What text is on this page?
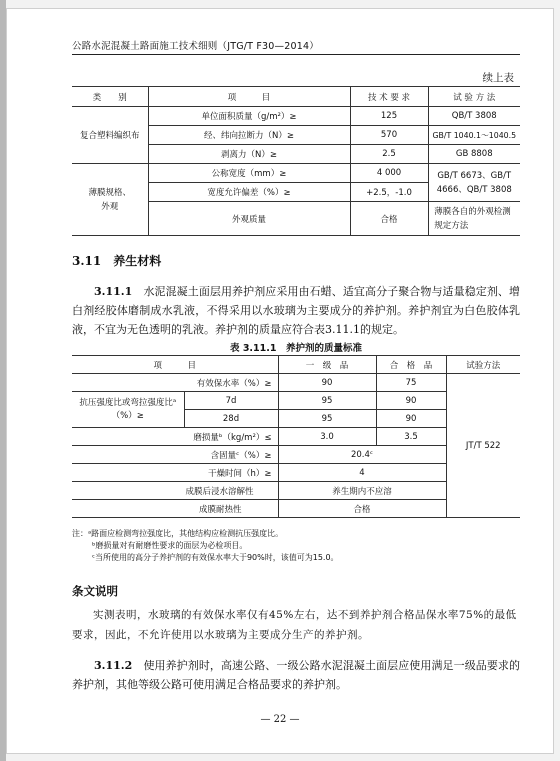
公路水泥混凝土路面施工技术细则（JTG/T F30—2014）
续上表
类　　别	项　　　目	技 术 要 求	试 验 方 法
复合塑料编织布	单位面积质量（g/m²）≥	125	QB/T 3808
	经、纬向拉断力（N）≥	570	GB/T 1040.1～1040.5
	剥离力（N）≥	2.5	GB 8808
薄膜规格、外观	公称宽度（mm）≥	4 000	GB/T 6673、GB/T 4666、QB/T 3808
	宽度允许偏差（%）≥	+2.5，-1.0	
	外观质量	合格	薄膜各自的外观检测规定方法
3.11 养生材料
3.11.1　 水泥混凝土面层用养护剂应采用由石蜡、适宜高分子聚合物与适量稳定剂、增白剂经胶体磨制成水乳液，不得采用以水玻璃为主要成分的养护剂。养护剂宜为白色胶体乳液，不宜为无色透明的乳液。养护剂的质量应符合表3.11.1的规定。
表 3.11.1　养护剂的质量标准
项　　　目		一　级　品	合　格　品	试验方法
有效保水率（%）≥		90	75	JT/T 522
抗压强度比或弯拉强度比ᵃ（%）≥	7d	95	90	
	28d	95	90	
磨损量ᵇ（kg/m²）≤		3.0	3.5	
含固量ᶜ（%）≥		20.4ᶜ		
干燥时间（h）≥		4		
成膜后浸水溶解性		养生期内不应溶		
成膜耐热性		合格		
注：ᵃ路面应检测弯拉强度比，其他结构应检测抗压强度比。
ᵇ磨损量对有耐磨性要求的面层为必检项目。
ᶜ当所使用的高分子养护剂的有效保水率大于90%时，该值可为15.0。
条文说明
实测表明，水玻璃的有效保水率仅有45%左右，达不到养护剂合格品保水率75%的最低要求，因此，不允许使用以水玻璃为主要成分生产的养护剂。
3.11.2　 使用养护剂时，高速公路、一级公路水泥混凝土面层应使用满足一级品要求的养护剂，其他等级公路可使用满足合格品要求的养护剂。
— 22 —
